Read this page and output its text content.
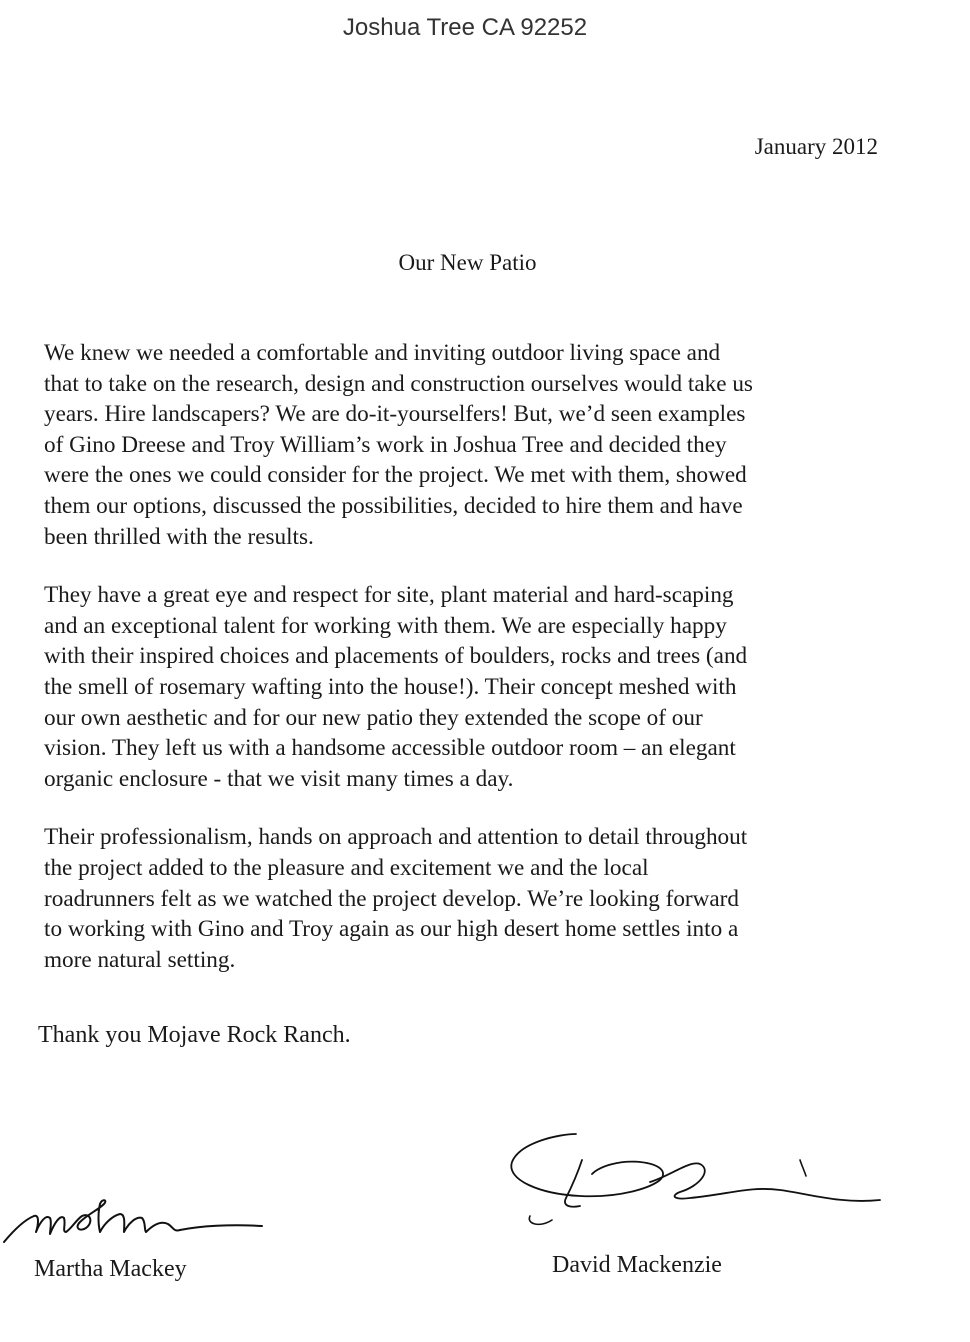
Joshua Tree CA 92252
January 2012
Our New Patio

We knew we needed a comfortable and inviting outdoor living space and
that to take on the research, design and construction ourselves would take us
years. Hire landscapers? We are do-it-yourselfers! But, we’d seen examples
of Gino Dreese and Troy William’s work in Joshua Tree and decided they
were the ones we could consider for the project. We met with them, showed
them our options, discussed the possibilities, decided to hire them and have
been thrilled with the results.

They have a great eye and respect for site, plant material and hard-scaping
and an exceptional talent for working with them. We are especially happy
with their inspired choices and placements of boulders, rocks and trees (and
the smell of rosemary wafting into the house!). Their concept meshed with
our own aesthetic and for our new patio they extended the scope of our
vision. They left us with a handsome accessible outdoor room – an elegant
organic enclosure - that we visit many times a day.

Their professionalism, hands on approach and attention to detail throughout
the project added to the pleasure and excitement we and the local
roadrunners felt as we watched the project develop. We’re looking forward
to working with Gino and Troy again as our high desert home settles into a
more natural setting.

Thank you Mojave Rock Ranch.
Martha Mackey	David Mackenzie
